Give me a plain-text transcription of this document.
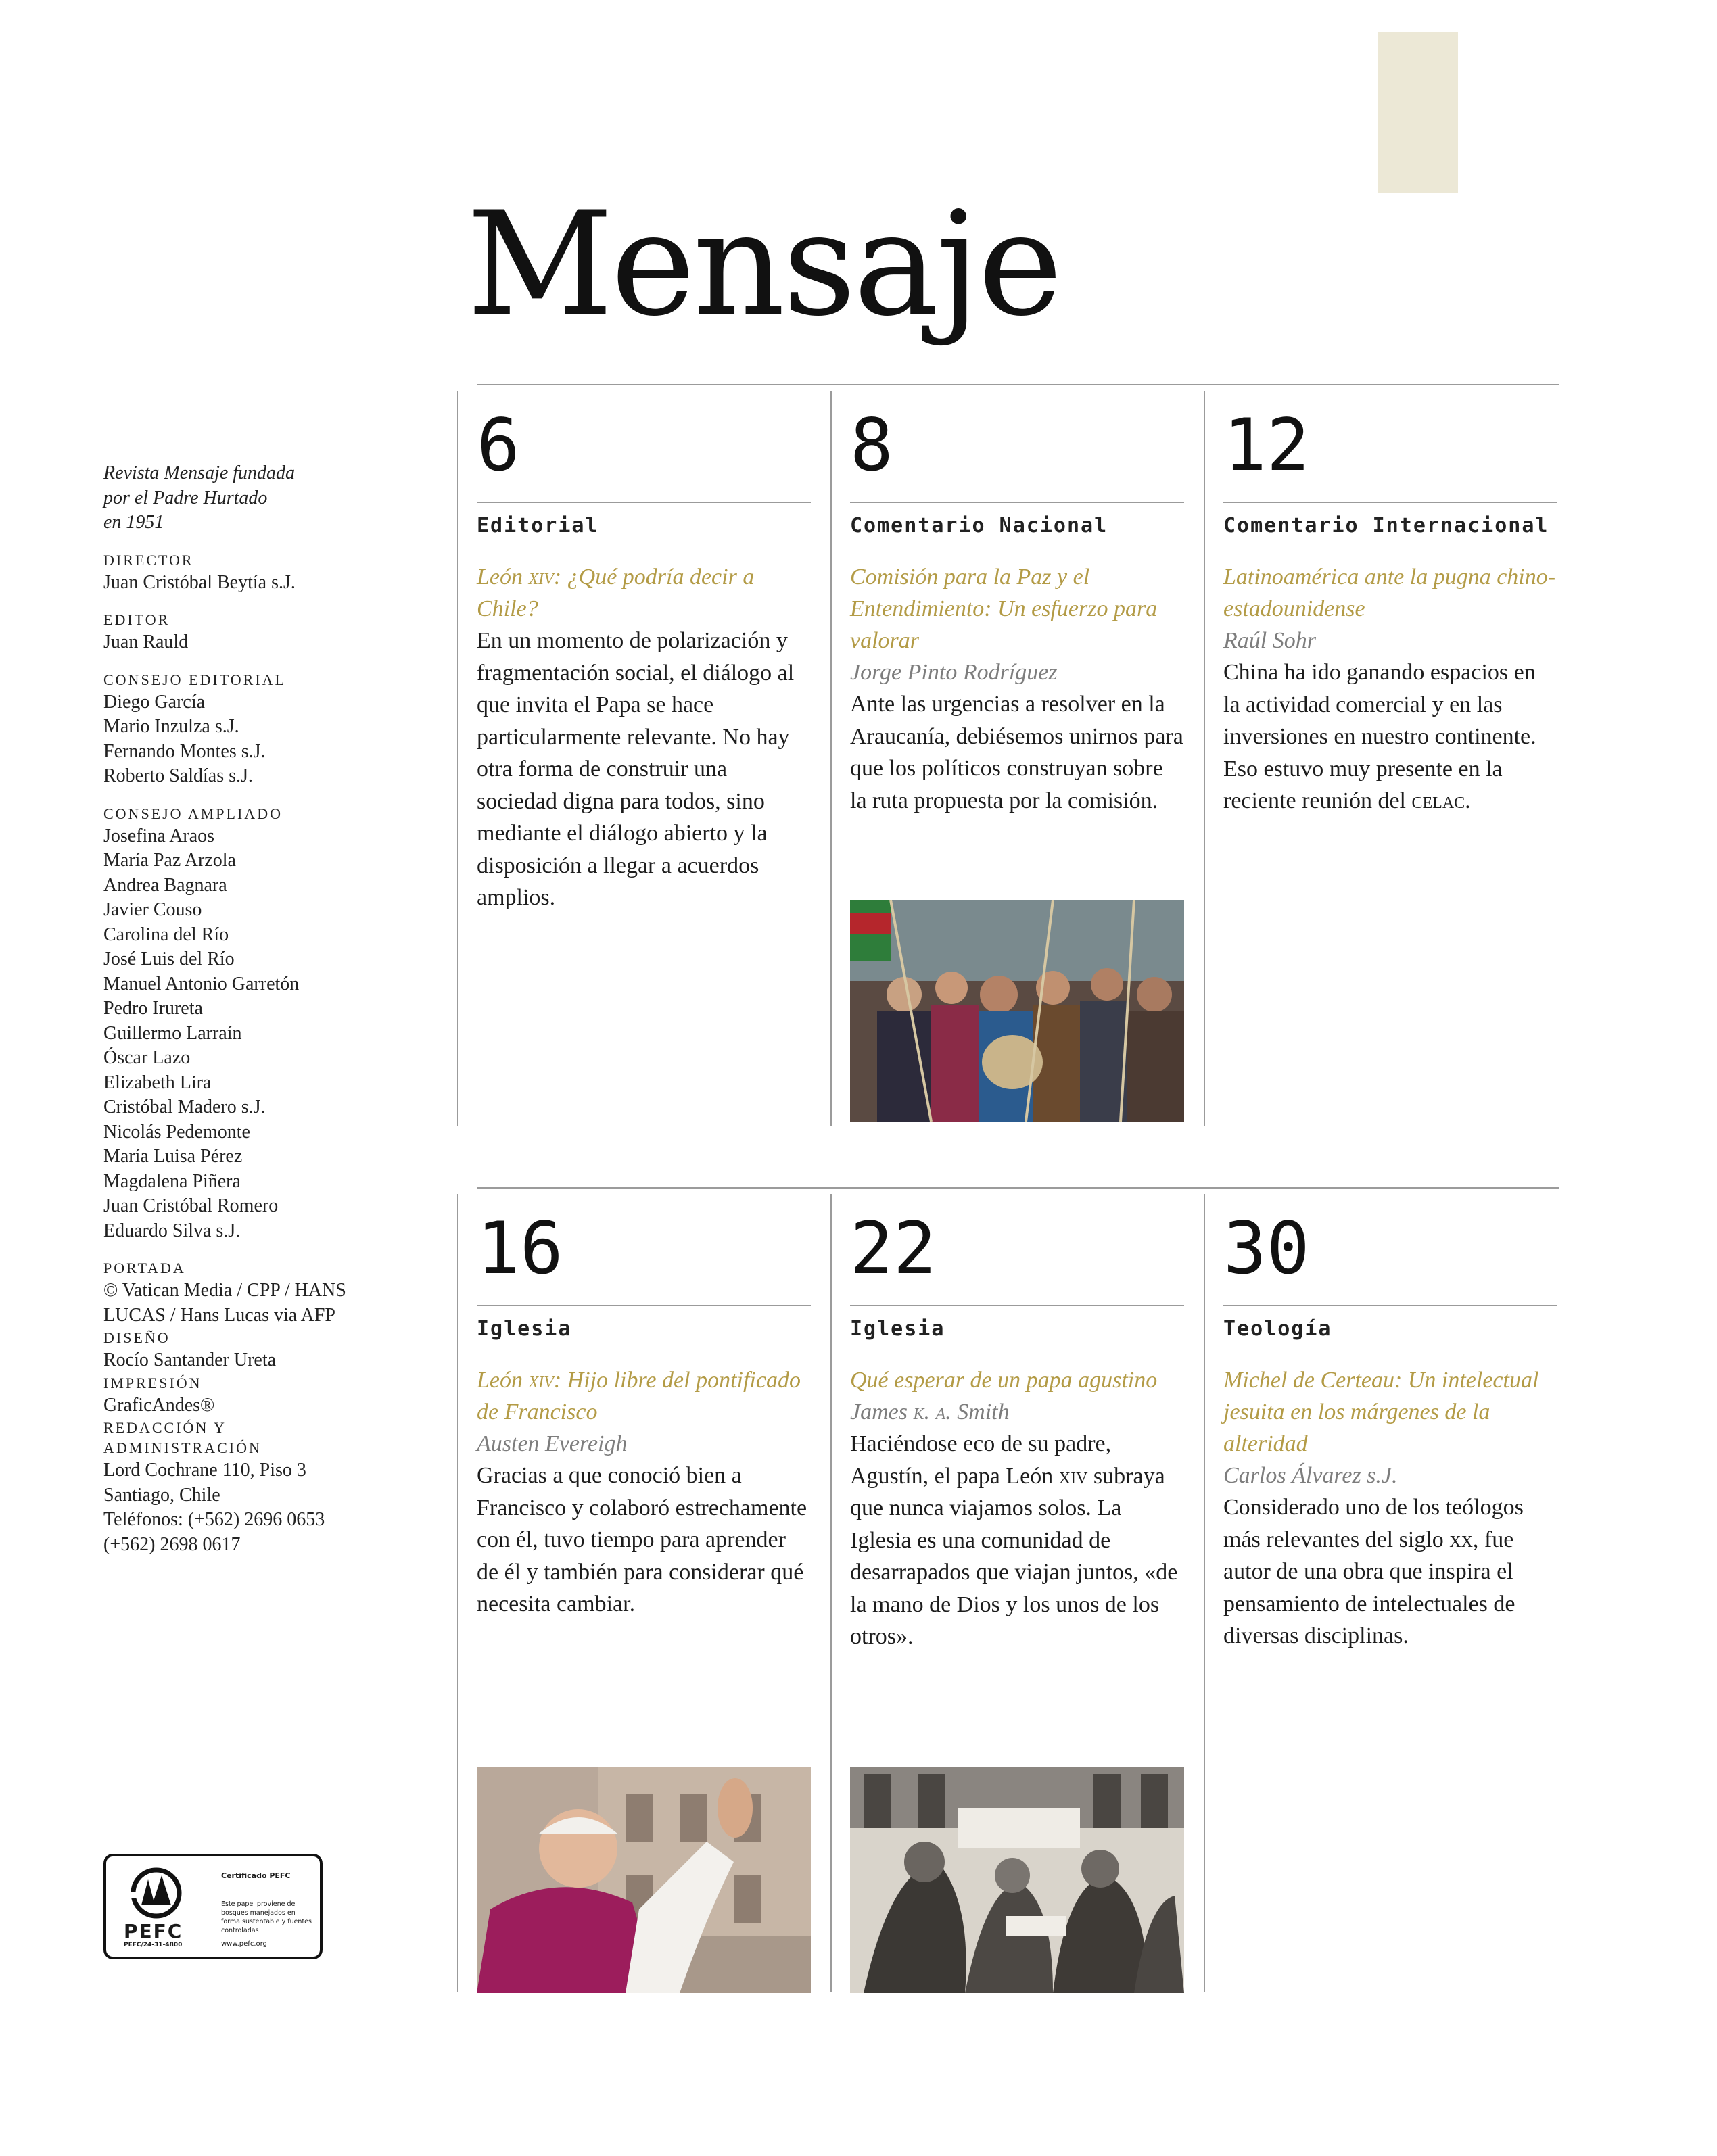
Mensaje
Revista Mensaje fundada
por el Padre Hurtado
en 1951
DIRECTOR
Juan Cristóbal Beytía s.J.
EDITOR
Juan Rauld
CONSEJO EDITORIAL
Diego García
Mario Inzulza s.J.
Fernando Montes s.J.
Roberto Saldías s.J.
CONSEJO AMPLIADO
Josefina Araos
María Paz Arzola
Andrea Bagnara
Javier Couso
Carolina del Río
José Luis del Río
Manuel Antonio Garretón
Pedro Irureta
Guillermo Larraín
Óscar Lazo
Elizabeth Lira
Cristóbal Madero s.J.
Nicolás Pedemonte
María Luisa Pérez
Magdalena Piñera
Juan Cristóbal Romero
Eduardo Silva s.J.
PORTADA
© Vatican Media / CPP / HANS
LUCAS / Hans Lucas via AFP
DISEÑO
Rocío Santander Ureta
IMPRESIÓN
GraficAndes®
REDACCIÓN Y ADMINISTRACIÓN
Lord Cochrane 110, Piso 3
Santiago, Chile
Teléfonos: (+562) 2696 0653
(+562) 2698 0617
PEFC
PEFC/24-31-4800
Certificado PEFC
Este papel proviene de bosques manejados en forma sustentable y fuentes controladas
www.pefc.org
6
Editorial
León xiv: ¿Qué podría decir a Chile?
En un momento de polarización y fragmentación social, el diálogo al que invita el Papa se hace particularmente relevante. No hay otra forma de construir una sociedad digna para todos, sino mediante el diálogo abierto y la disposición a llegar a acuerdos amplios.
8
Comentario Nacional
Comisión para la Paz y el Entendimiento: Un esfuerzo para valorar
Jorge Pinto Rodríguez
Ante las urgencias a resolver en la Araucanía, debiésemos unirnos para que los políticos construyan sobre la ruta propuesta por la comisión.
12
Comentario Internacional
Latinoamérica ante la pugna chino-estadounidense
Raúl Sohr
China ha ido ganando espacios en la actividad comercial y en las inversiones en nuestro continente. Eso estuvo muy presente en la reciente reunión del celac.
16
Iglesia
León xiv: Hijo libre del pontificado de Francisco
Austen Evereigh
Gracias a que conoció bien a Francisco y colaboró estrechamente con él, tuvo tiempo para aprender de él y también para considerar qué necesita cambiar.
22
Iglesia
Qué esperar de un papa agustino
James k. a. Smith
Haciéndose eco de su padre, Agustín, el papa León xiv subraya que nunca viajamos solos. La Iglesia es una comunidad de desarrapados que viajan juntos, «de la mano de Dios y los unos de los otros».
30
Teología
Michel de Certeau: Un intelectual jesuita en los márgenes de la alteridad
Carlos Álvarez s.J.
Considerado uno de los teólogos más relevantes del siglo xx, fue autor de una obra que inspira el pensamiento de intelectuales de diversas disciplinas.
